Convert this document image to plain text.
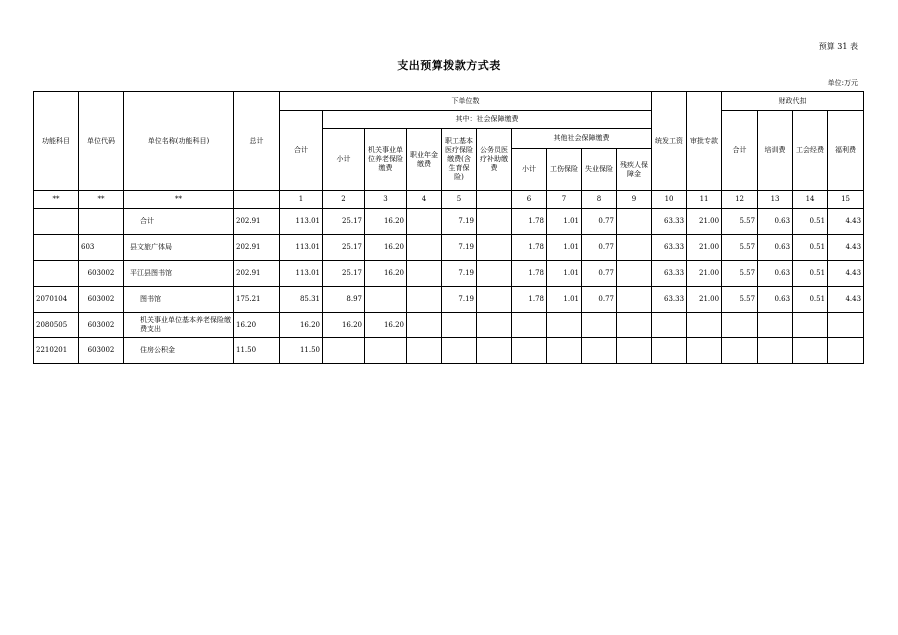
预算 31 表
支出预算拨款方式表
单位:万元
功能科目	单位代码	单位名称(功能科目)	总计	下单位数										统发工资	审批专款	财政代扣			
				合计	其中：社会保障缴费											合计	培训费	工会经费	福利费
					小计	机关事业单位养老保险缴费	职业年金缴费	职工基本医疗保险缴费(含生育保险)	公务员医疗补助缴费	其他社会保障缴费									
										小计	工伤保险	失业保险	残疾人保障金						
**	**	**		1	2	3	4	5		6	7	8	9	10	11	12	13	14	15
		合计	202.91	113.01	25.17	16.20		7.19		1.78	1.01	0.77		63.33	21.00	5.57	0.63	0.51	4.43
	603	县文旅广体局	202.91	113.01	25.17	16.20		7.19		1.78	1.01	0.77		63.33	21.00	5.57	0.63	0.51	4.43
	603002	平江县图书馆	202.91	113.01	25.17	16.20		7.19		1.78	1.01	0.77		63.33	21.00	5.57	0.63	0.51	4.43
2070104	603002	图书馆	175.21	85.31	8.97			7.19		1.78	1.01	0.77		63.33	21.00	5.57	0.63	0.51	4.43
2080505	603002	机关事业单位基本养老保险缴费支出	16.20	16.20	16.20	16.20													
2210201	603002	住房公积金	11.50	11.50															
